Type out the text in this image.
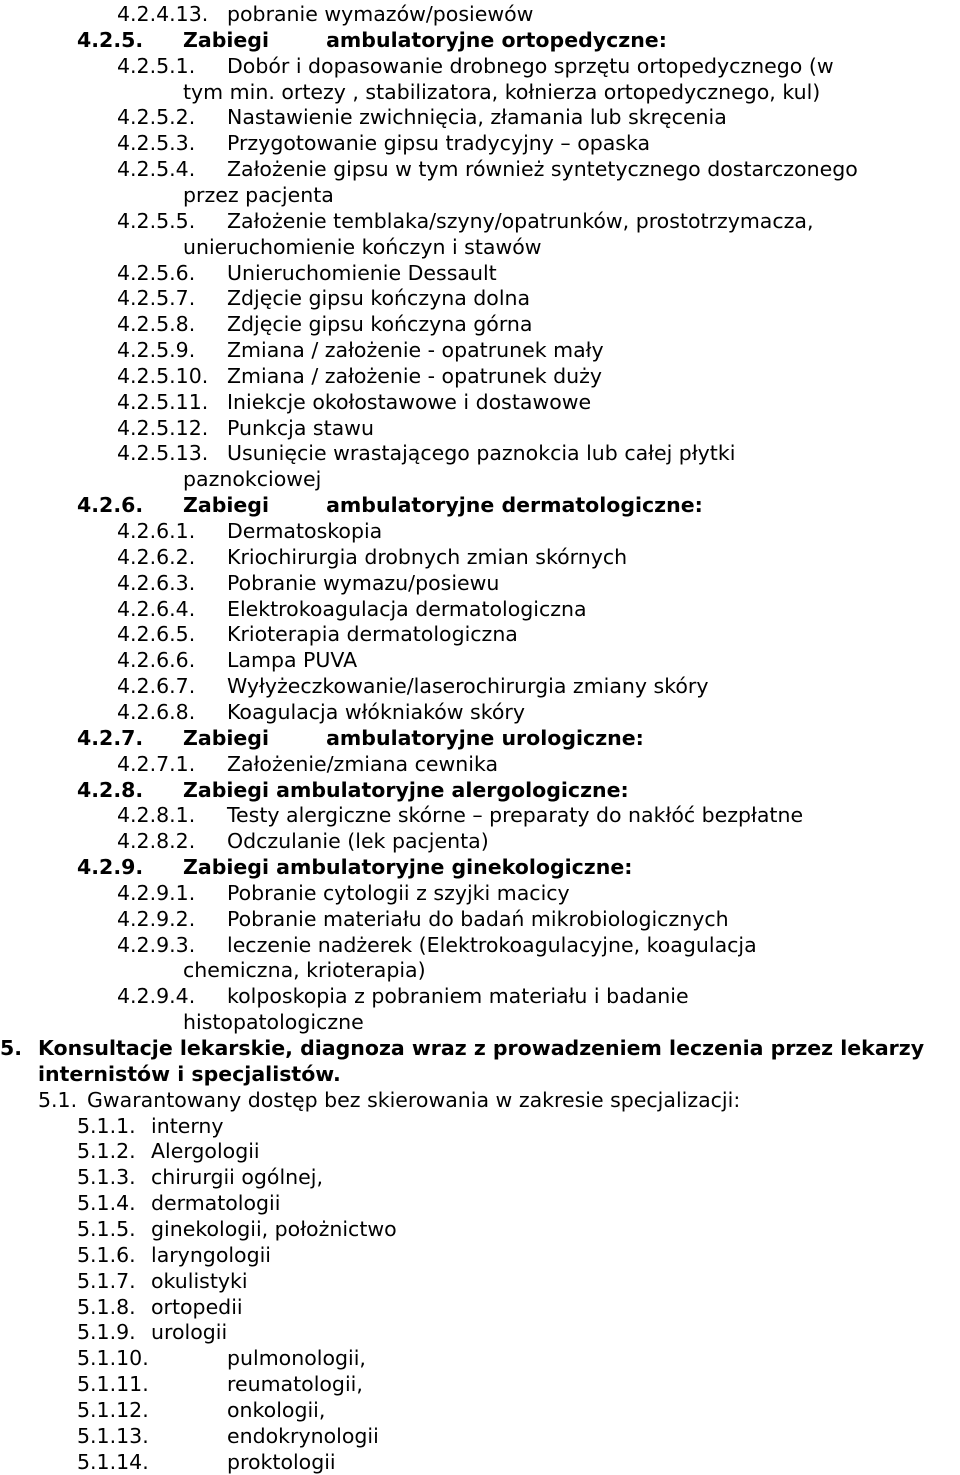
4.2.4.13. pobranie wymazów/posiewów
4.2.5. Zabiegi        ambulatoryjne ortopedyczne:
4.2.5.1. Dobór i dopasowanie drobnego sprzętu ortopedycznego (w
tym min. ortezy , stabilizatora, kołnierza ortopedycznego, kul)
4.2.5.2. Nastawienie zwichnięcia, złamania lub skręcenia
4.2.5.3. Przygotowanie gipsu tradycyjny – opaska
4.2.5.4. Założenie gipsu w tym również syntetycznego dostarczonego
przez pacjenta
4.2.5.5. Założenie temblaka/szyny/opatrunków, prostotrzymacza,
unieruchomienie kończyn i stawów
4.2.5.6. Unieruchomienie Dessault
4.2.5.7. Zdjęcie gipsu kończyna dolna
4.2.5.8. Zdjęcie gipsu kończyna górna
4.2.5.9. Zmiana / założenie - opatrunek mały
4.2.5.10. Zmiana / założenie - opatrunek duży
4.2.5.11. Iniekcje okołostawowe i dostawowe
4.2.5.12. Punkcja stawu
4.2.5.13. Usunięcie wrastającego paznokcia lub całej płytki
paznokciowej
4.2.6. Zabiegi        ambulatoryjne dermatologiczne:
4.2.6.1. Dermatoskopia
4.2.6.2. Kriochirurgia drobnych zmian skórnych
4.2.6.3. Pobranie wymazu/posiewu
4.2.6.4. Elektrokoagulacja dermatologiczna
4.2.6.5. Krioterapia dermatologiczna
4.2.6.6. Lampa PUVA
4.2.6.7. Wyłyżeczkowanie/laserochirurgia zmiany skóry
4.2.6.8. Koagulacja włókniaków skóry
4.2.7. Zabiegi        ambulatoryjne urologiczne:
4.2.7.1. Założenie/zmiana cewnika
4.2.8. Zabiegi ambulatoryjne alergologiczne:
4.2.8.1. Testy alergiczne skórne – preparaty do nakłóć bezpłatne
4.2.8.2. Odczulanie (lek pacjenta)
4.2.9. Zabiegi ambulatoryjne ginekologiczne:
4.2.9.1. Pobranie cytologii z szyjki macicy
4.2.9.2. Pobranie materiału do badań mikrobiologicznych
4.2.9.3. leczenie nadżerek (Elektrokoagulacyjne, koagulacja
chemiczna, krioterapia)
4.2.9.4. kolposkopia z pobraniem materiału i badanie
histopatologiczne
5. Konsultacje lekarskie, diagnoza wraz z prowadzeniem leczenia przez lekarzy
internistów i specjalistów.
5.1. Gwarantowany dostęp bez skierowania w zakresie specjalizacji:
5.1.1. interny
5.1.2. Alergologii
5.1.3. chirurgii ogólnej,
5.1.4. dermatologii
5.1.5. ginekologii, położnictwo
5.1.6. laryngologii
5.1.7. okulistyki
5.1.8. ortopedii
5.1.9. urologii
5.1.10.	pulmonologii,
5.1.11.	reumatologii,
5.1.12.	onkologii,
5.1.13.	endokrynologii
5.1.14.	proktologii
